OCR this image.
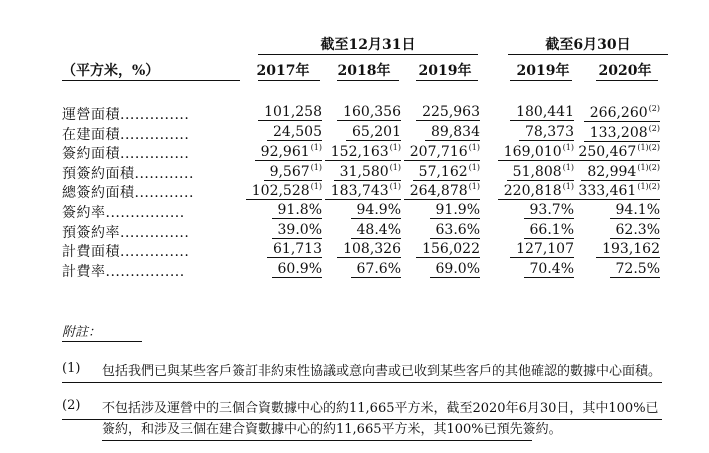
截至12月31日	截至6月30日
（平方米，%）	2017年	2018年	2019年	2019年	2020年
運營面積..............	101,258	160,356	225,963	180,441	266,260$^{(2)}$
在建面積..............	24,505	65,201	89,834	78,373	133,208$^{(2)}$
簽約面積..............	92,961$^{(1)}$ 152,163$^{(1)}$ 207,716$^{(1)}$	169,010$^{(1)}$ $250,467^{(1)(2)}$
預簽約面積............	9,567$^{(1)}$	31,580$^{(1)}$	57,162$^{(1)}$	51,808$^{(1)}$ $82,994^{(1)(2)}$
總簽約面積............	102,528$^{(1)}$ 183,743$^{(1)}$ 264,878$^{(1)}$	220,818$^{(1)}$ $333,461^{(1)(2)}$
簽約率................	91.8%	94.9%	91.9%	93.7%	94.1%
預簽約率..............	39.0%	48.4%	63.6%	66.1%	62.3%
計費面積..............	61,713	108,326	156,022	127,107	193,162
計費率................	60.9%	67.6%	69.0%	70.4%	72.5%
附註：
(1) 包括我們已與某些客戶簽訂非約束性協議或意向書或已收到某些客戶的其他確認的數據中心面積。
(2) 不包括涉及運營中的三個合資數據中心的約11,665平方米，截至2020年6月30日，其中100%已簽約，和涉及三個在建合資數據中心的約11,665平方米，其100%已預先簽約。
